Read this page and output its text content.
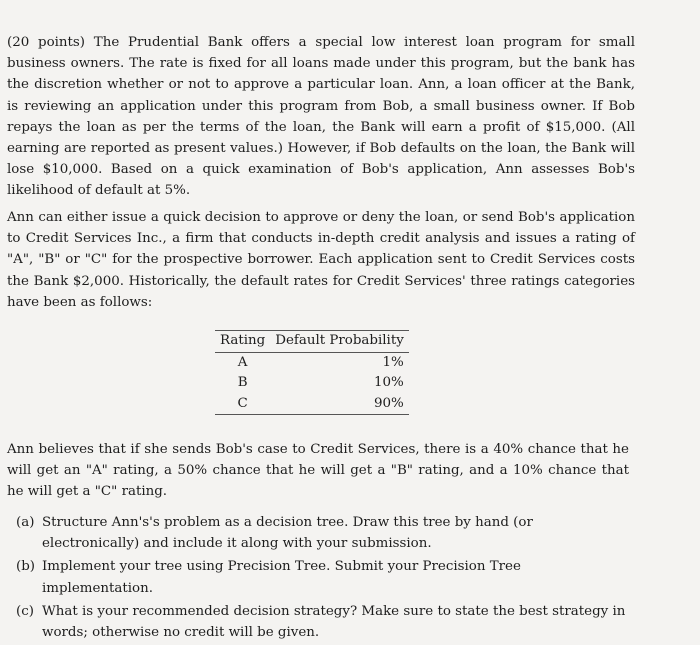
(20 points) The Prudential Bank offers a special low interest loan program for small business owners. The rate is fixed for all loans made under this program, but the bank has the discretion whether or not to approve a particular loan. Ann, a loan officer at the Bank, is reviewing an application under this program from Bob, a small business owner. If Bob repays the loan as per the terms of the loan, the Bank will earn a profit of $15,000. (All earning are reported as present values.) However, if Bob defaults on the loan, the Bank will lose $10,000. Based on a quick examination of Bob's application, Ann assesses Bob's likelihood of default at 5%.
Ann can either issue a quick decision to approve or deny the loan, or send Bob's application to Credit Services Inc., a firm that conducts in-depth credit analysis and issues a rating of "A", "B" or "C" for the prospective borrower. Each application sent to Credit Services costs the Bank $2,000. Historically, the default rates for Credit Services' three ratings categories have been as follows:
Rating	Default Probability
A	1%
B	10%
C	90%
Ann believes that if she sends Bob's case to Credit Services, there is a 40% chance that he will get an "A" rating, a 50% chance that he will get a "B" rating, and a 10% chance that he will get a "C" rating.
(a) Structure Ann's's problem as a decision tree. Draw this tree by hand (or electronically) and include it along with your submission.
(b) Implement your tree using Precision Tree. Submit your Precision Tree implementation.
(c) What is your recommended decision strategy? Make sure to state the best strategy in words; otherwise no credit will be given.
